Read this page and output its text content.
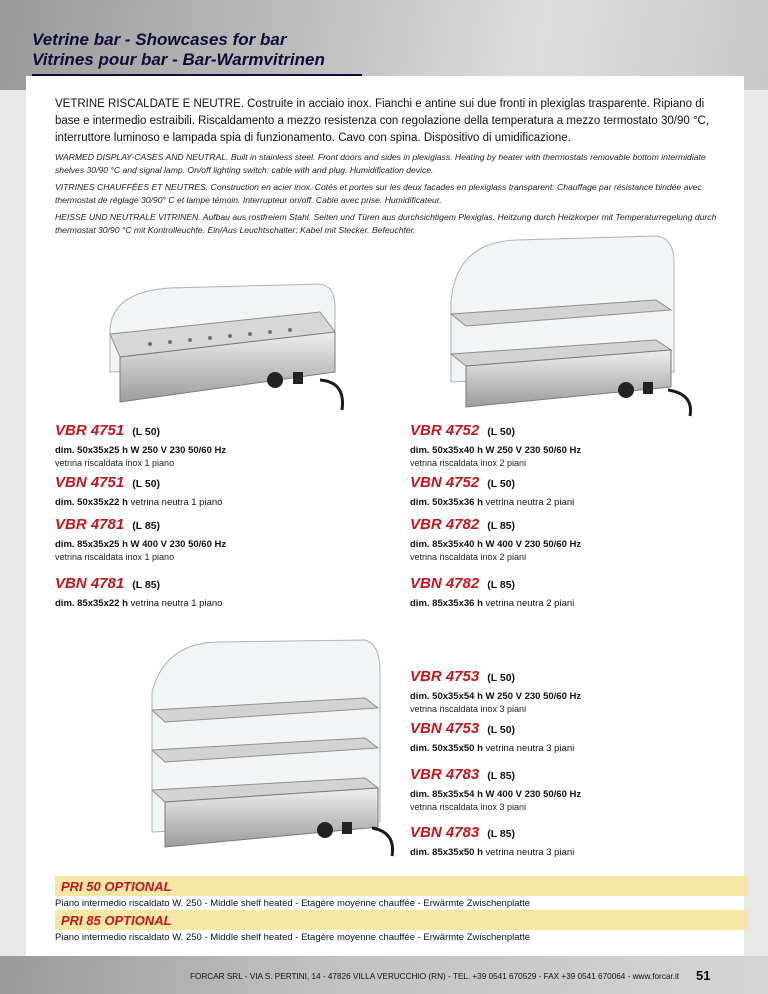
Vetrine bar - Showcases for bar
Vitrines pour bar - Bar-Warmvitrinen

VETRINE RISCALDATE E NEUTRE. Costruite in acciaio inox. Fianchi e antine sui due fronti in plexiglas trasparente. Ripiano di base e intermedio estraibili. Riscaldamento a mezzo resistenza con regolazione della temperatura a mezzo termostato 30/90 °C, interruttore luminoso e lampada spia di funzionamento. Cavo con spina. Dispositivo di umidificazione.

WARMED DISPLAY-CASES AND NEUTRAL. Built in stainless steel. Front doors and sides in plexiglass. Heating by heater with thermostats removable bottom intermidiate shelves 30/90 °C and signal lamp. On/off lighting switch: cable with and plug. Humidification device.

VITRINES CHAUFFÉES ET NEUTRES. Construction en acier inox. Cotés et portes sur les deux facades en plexiglass transparent. Chauffage par résistance bindée avec thermostat de réglage 30/90° C et lampe témoin. Interrupteur on/off. Cable avec prise. Humidificateur.

HEISSE UND NEUTRALE VITRINEN. Aufbau aus rostfreiem Stahl. Seiten und Türen aus durchsichtigem Plexiglas. Heitzung durch Heizkorper mit Temperaturregelung durch thermostat 30/90 °C mit Kontrolleuchte. Ein/Aus Leuchtschalter; Kabel mit Stecker. Befeuchter.

VBR 4751 (L 50)
dim. 50x35x25 h W 250 V 230 50/60 Hz
vetrina riscaldata inox 1 piano
VBN 4751 (L 50)
dim. 50x35x22 h vetrina neutra 1 piano
VBR 4781 (L 85)
dim. 85x35x25 h W 400 V 230 50/60 Hz
vetrina riscaldata inox 1 piano
VBN 4781 (L 85)
dim. 85x35x22 h vetrina neutra 1 piano
VBR 4752 (L 50)
dim. 50x35x40 h W 250 V 230 50/60 Hz
vetrina riscaldata inox 2 piani
VBN 4752 (L 50)
dim. 50x35x36 h vetrina neutra 2 piani
VBR 4782 (L 85)
dim. 85x35x40 h W 400 V 230 50/60 Hz
vetrina riscaldata inox 2 piani
VBN 4782 (L 85)
dim. 85x35x36 h vetrina neutra 2 piani
VBR 4753 (L 50)
dim. 50x35x54 h W 250 V 230 50/60 Hz
vetrina riscaldata inox 3 piani
VBN 4753 (L 50)
dim. 50x35x50 h vetrina neutra 3 piani
VBR 4783 (L 85)
dim. 85x35x54 h W 400 V 230 50/60 Hz
vetrina riscaldata inox 3 piani
VBN 4783 (L 85)
dim. 85x35x50 h vetrina neutra 3 piani
PRI 50 OPTIONAL
Piano intermedio riscaldato W. 250 - Middle shelf heated - Etagère moyenne chauffée - Erwärmte Zwischenplatte
PRI 85 OPTIONAL
Piano intermedio riscaldato W. 250 - Middle shelf heated - Etagère moyenne chauffée - Erwärmte Zwischenplatte
FORCAR SRL - VIA S. PERTINI, 14 - 47826 VILLA VERUCCHIO (RN) - TEL. +39 0541 670529 - FAX +39 0541 670064 - www.forcar.it 51
